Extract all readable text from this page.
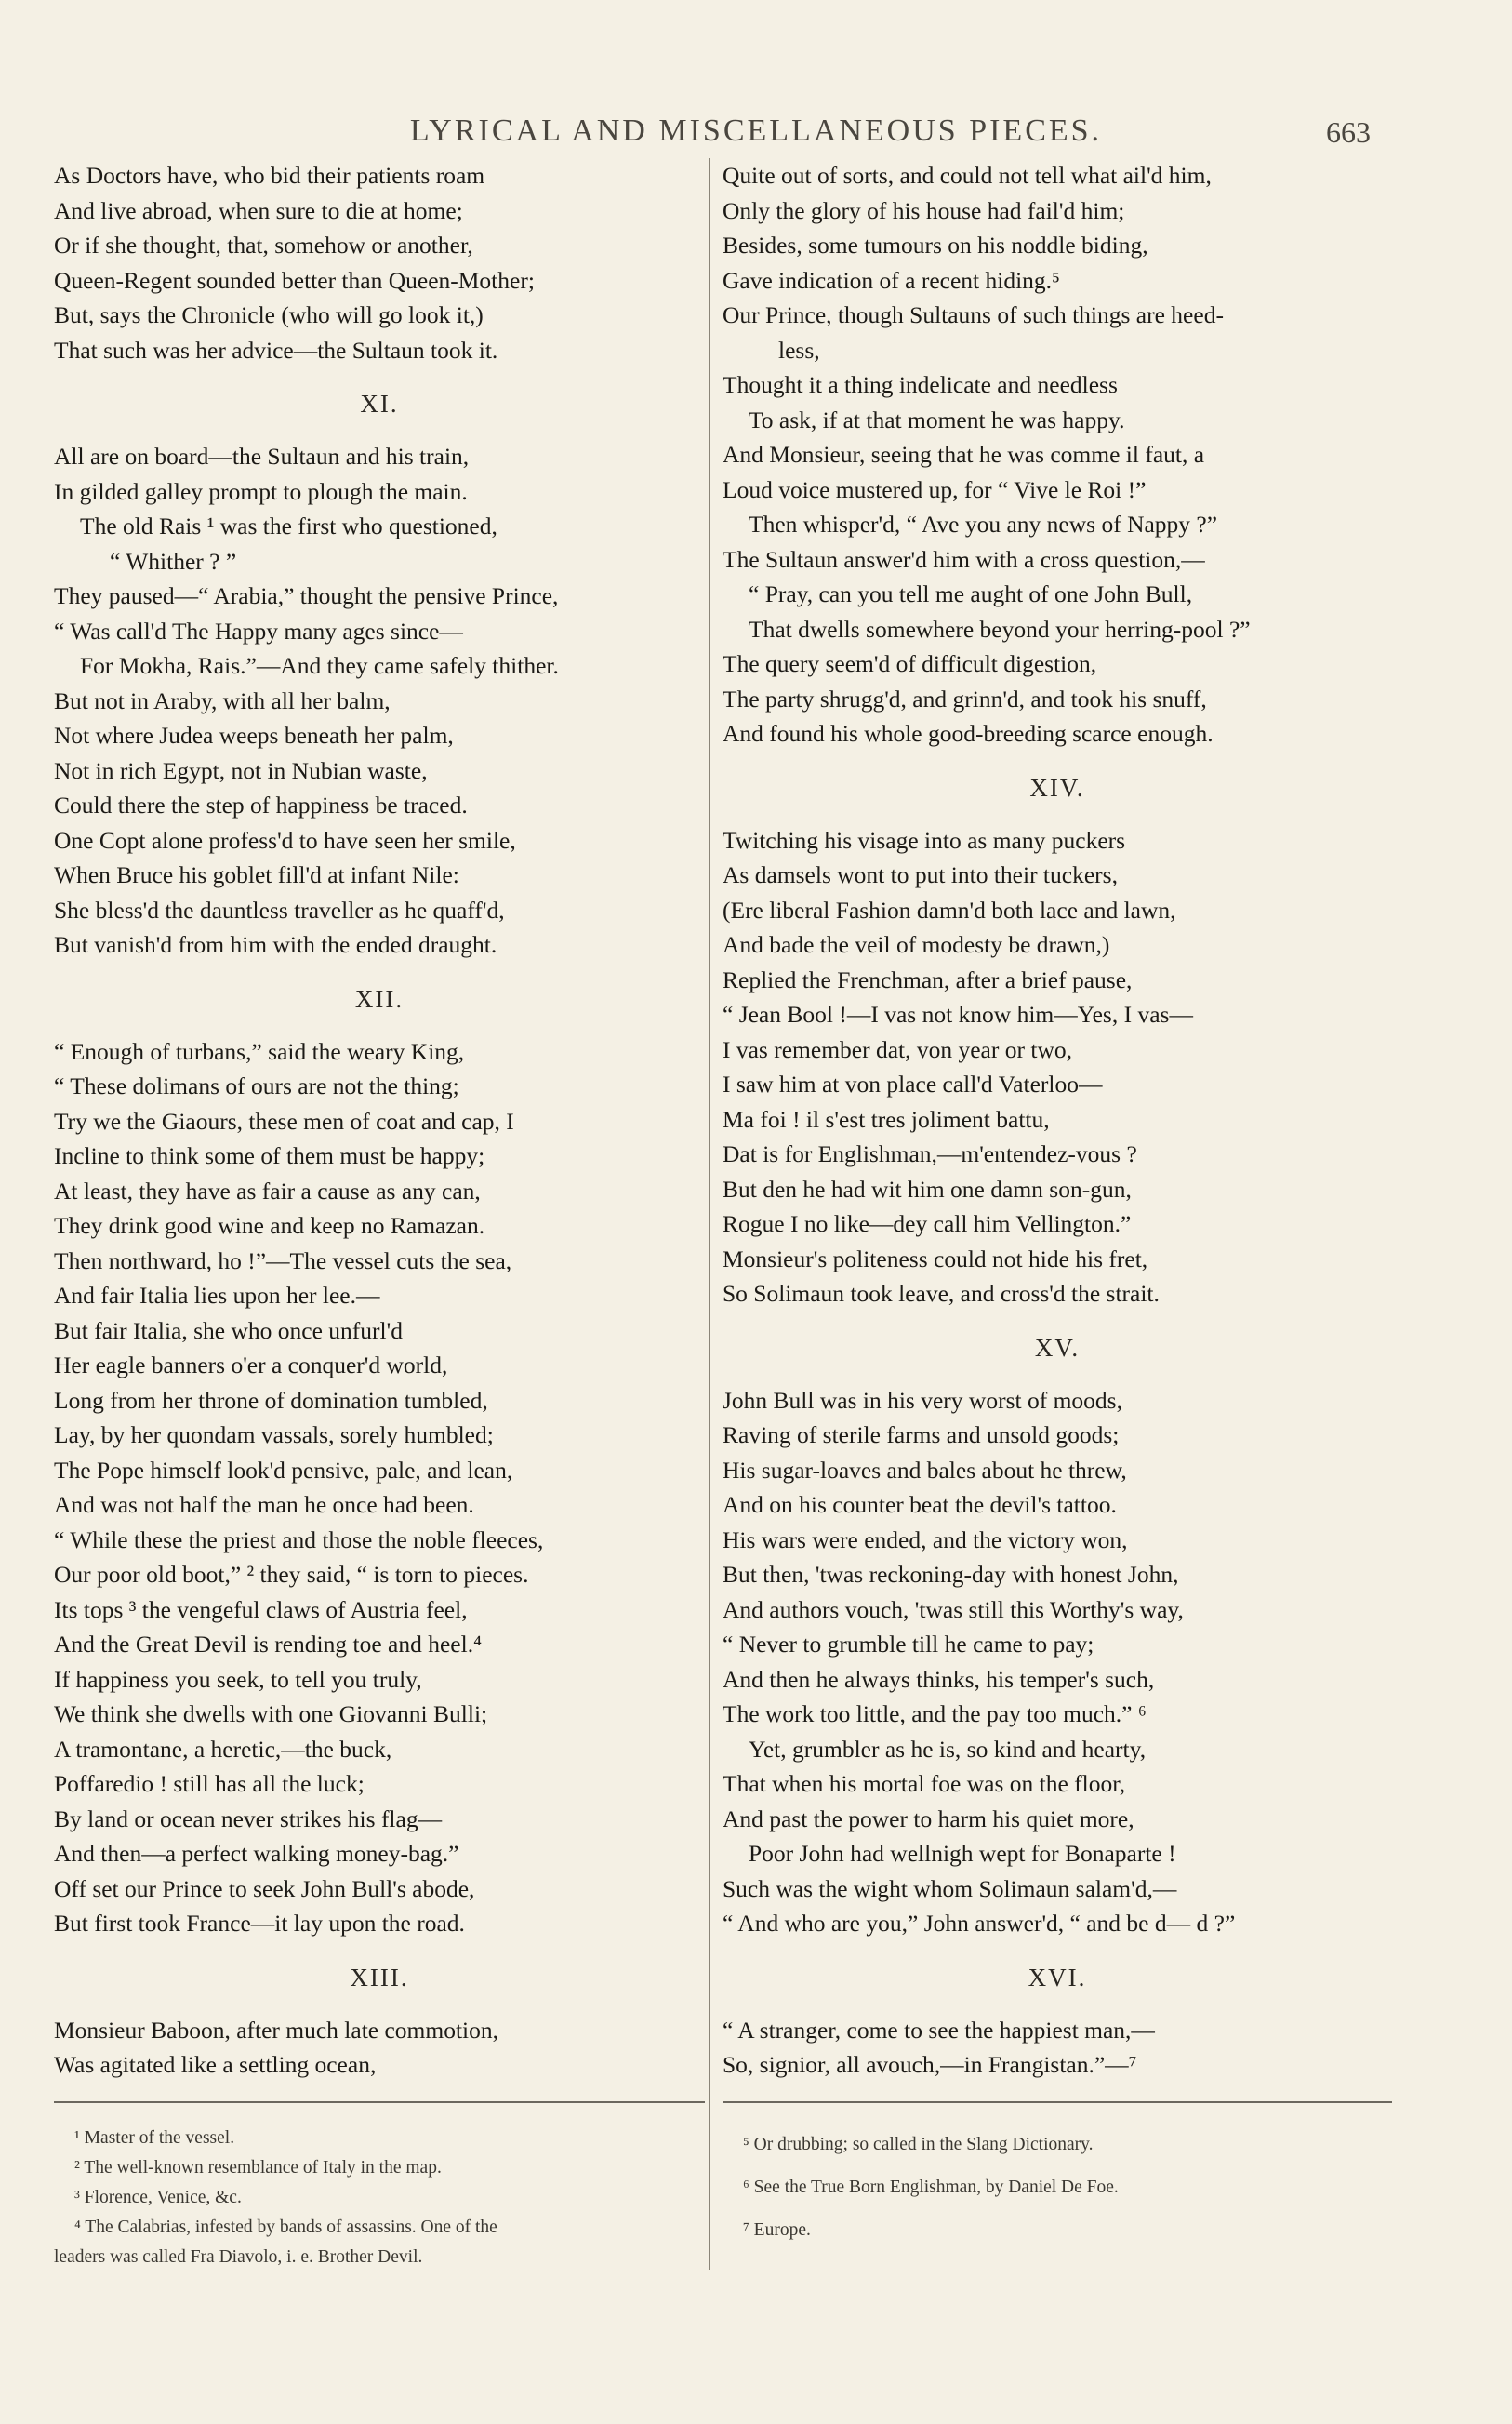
LYRICAL AND MISCELLANEOUS PIECES.	663
As Doctors have, who bid their patients roam
And live abroad, when sure to die at home;
Or if she thought, that, somehow or another,
Queen-Regent sounded better than Queen-Mother;
But, says the Chronicle (who will go look it,)
That such was her advice—the Sultaun took it.
XI.
All are on board—the Sultaun and his train,
In gilded galley prompt to plough the main.
The old Rais ¹ was the first who questioned,
“ Whither ? ”
They paused—“ Arabia,” thought the pensive Prince,
“ Was call'd The Happy many ages since—
For Mokha, Rais.”—And they came safely thither.
But not in Araby, with all her balm,
Not where Judea weeps beneath her palm,
Not in rich Egypt, not in Nubian waste,
Could there the step of happiness be traced.
One Copt alone profess'd to have seen her smile,
When Bruce his goblet fill'd at infant Nile:
She bless'd the dauntless traveller as he quaff'd,
But vanish'd from him with the ended draught.
XII.
“ Enough of turbans,” said the weary King,
“ These dolimans of ours are not the thing;
Try we the Giaours, these men of coat and cap, I
Incline to think some of them must be happy;
At least, they have as fair a cause as any can,
They drink good wine and keep no Ramazan.
Then northward, ho !”—The vessel cuts the sea,
And fair Italia lies upon her lee.—
But fair Italia, she who once unfurl'd
Her eagle banners o'er a conquer'd world,
Long from her throne of domination tumbled,
Lay, by her quondam vassals, sorely humbled;
The Pope himself look'd pensive, pale, and lean,
And was not half the man he once had been.
“ While these the priest and those the noble fleeces,
Our poor old boot,” ² they said, “ is torn to pieces.
Its tops ³ the vengeful claws of Austria feel,
And the Great Devil is rending toe and heel.⁴
If happiness you seek, to tell you truly,
We think she dwells with one Giovanni Bulli;
A tramontane, a heretic,—the buck,
Poffaredio ! still has all the luck;
By land or ocean never strikes his flag—
And then—a perfect walking money-bag.”
Off set our Prince to seek John Bull's abode,
But first took France—it lay upon the road.
XIII.
Monsieur Baboon, after much late commotion,
Was agitated like a settling ocean,
¹ Master of the vessel.
² The well-known resemblance of Italy in the map.
³ Florence, Venice, &c.
⁴ The Calabrias, infested by bands of assassins. One of the
leaders was called Fra Diavolo, i. e. Brother Devil.
Quite out of sorts, and could not tell what ail'd him,
Only the glory of his house had fail'd him;
Besides, some tumours on his noddle biding,
Gave indication of a recent hiding.⁵
Our Prince, though Sultauns of such things are heed-
less,
Thought it a thing indelicate and needless
To ask, if at that moment he was happy.
And Monsieur, seeing that he was comme il faut, a
Loud voice mustered up, for “ Vive le Roi !”
Then whisper'd, “ Ave you any news of Nappy ?”
The Sultaun answer'd him with a cross question,—
“ Pray, can you tell me aught of one John Bull,
That dwells somewhere beyond your herring-pool ?”
The query seem'd of difficult digestion,
The party shrugg'd, and grinn'd, and took his snuff,
And found his whole good-breeding scarce enough.
XIV.
Twitching his visage into as many puckers
As damsels wont to put into their tuckers,
(Ere liberal Fashion damn'd both lace and lawn,
And bade the veil of modesty be drawn,)
Replied the Frenchman, after a brief pause,
“ Jean Bool !—I vas not know him—Yes, I vas—
I vas remember dat, von year or two,
I saw him at von place call'd Vaterloo—
Ma foi ! il s'est tres joliment battu,
Dat is for Englishman,—m'entendez-vous ?
But den he had wit him one damn son-gun,
Rogue I no like—dey call him Vellington.”
Monsieur's politeness could not hide his fret,
So Solimaun took leave, and cross'd the strait.
XV.
John Bull was in his very worst of moods,
Raving of sterile farms and unsold goods;
His sugar-loaves and bales about he threw,
And on his counter beat the devil's tattoo.
His wars were ended, and the victory won,
But then, 'twas reckoning-day with honest John,
And authors vouch, 'twas still this Worthy's way,
“ Never to grumble till he came to pay;
And then he always thinks, his temper's such,
The work too little, and the pay too much.” ⁶
Yet, grumbler as he is, so kind and hearty,
That when his mortal foe was on the floor,
And past the power to harm his quiet more,
Poor John had wellnigh wept for Bonaparte !
Such was the wight whom Solimaun salam'd,—
“ And who are you,” John answer'd, “ and be d— d ?”
XVI.
“ A stranger, come to see the happiest man,—
So, signior, all avouch,—in Frangistan.”—⁷
⁵ Or drubbing; so called in the Slang Dictionary.
⁶ See the True Born Englishman, by Daniel De Foe.
⁷ Europe.
